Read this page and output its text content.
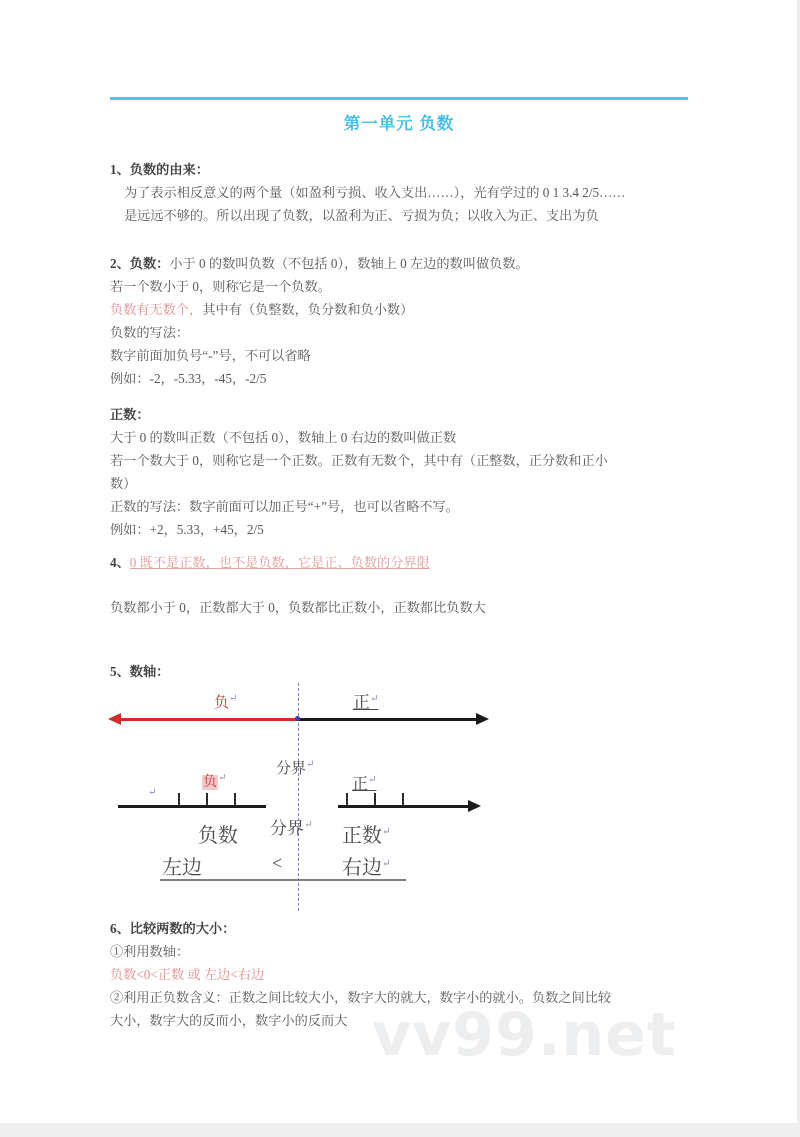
第一单元 负数
1、负数的由来：
为了表示相反意义的两个量（如盈利亏损、收入支出……），光有学过的 0 1 3.4 2/5……
是远远不够的。所以出现了负数，以盈利为正、亏损为负；以收入为正、支出为负
2、负数：小于 0 的数叫负数（不包括 0），数轴上 0 左边的数叫做负数。
若一个数小于 0，则称它是一个负数。
负数有无数个，其中有（负整数，负分数和负小数）
负数的写法：
数字前面加负号“-”号，不可以省略
例如：-2，-5.33，-45，-2/5
正数：
大于 0 的数叫正数（不包括 0），数轴上 0 右边的数叫做正数
若一个数大于 0，则称它是一个正数。正数有无数个，其中有（正整数，正分数和正小
数）
正数的写法：数字前面可以加正号“+”号，也可以省略不写。
例如：+2，5.33，+45，2/5
4、0 既不是正数，也不是负数，它是正、负数的分界限
负数都小于 0，正数都大于 0，负数都比正数小，正数都比负数大
5、数轴：
负↵	正↵
分界↵
分界↵
↵
负↵	正↵
负数	正数↵
左边	<	右边↵
6、比较两数的大小：
①利用数轴：
负数<0<正数 或 左边<右边
②利用正负数含义：正数之间比较大小，数字大的就大，数字小的就小。负数之间比较
大小，数字大的反而小，数字小的反而大 vv99.net
